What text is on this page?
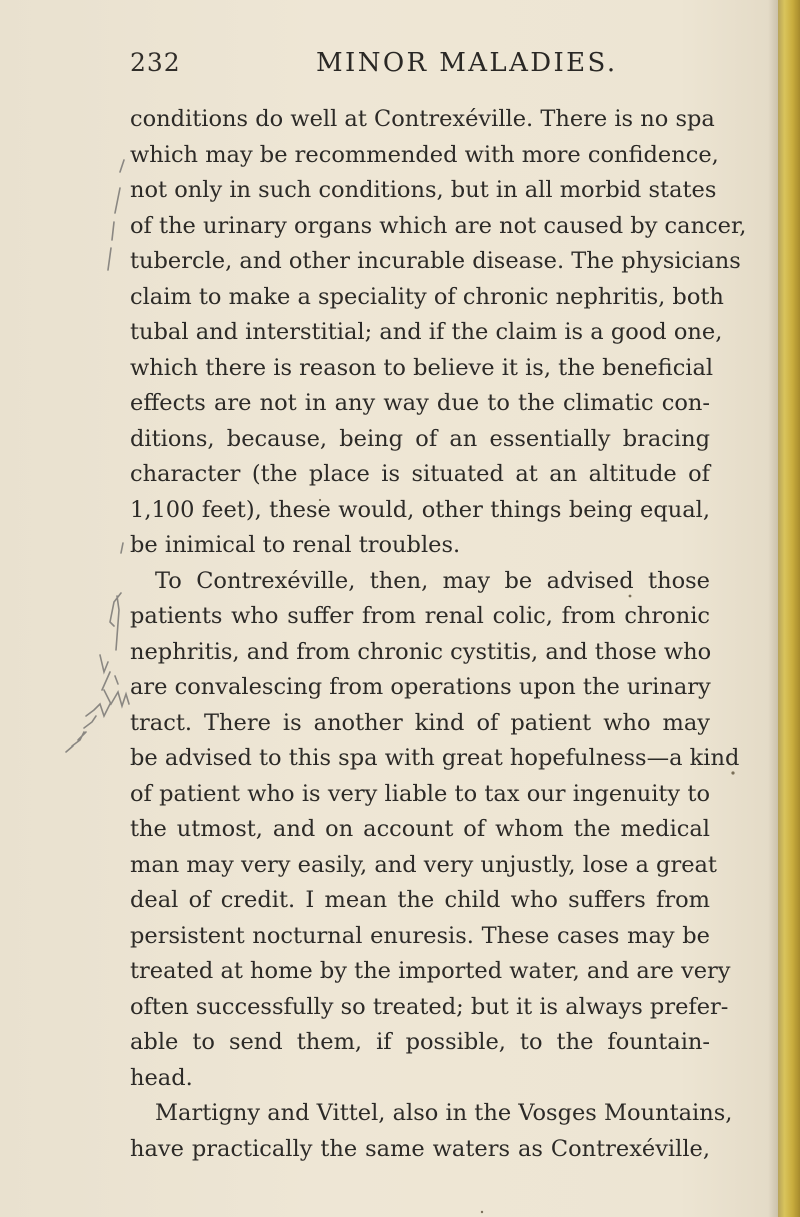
232	MINOR MALADIES.
conditions do well at Contrexéville. There is no spa
which may be recommended with more confidence,
not only in such conditions, but in all morbid states
of the urinary organs which are not caused by cancer,
tubercle, and other incurable disease. The physicians
claim to make a speciality of chronic nephritis, both
tubal and interstitial; and if the claim is a good one,
which there is reason to believe it is, the beneficial
effects are not in any way due to the climatic con-
ditions, because, being of an essentially bracing
character (the place is situated at an altitude of
1,100 feet), these would, other things being equal,
be inimical to renal troubles.
To Contrexéville, then, may be advised those
patients who suffer from renal colic, from chronic
nephritis, and from chronic cystitis, and those who
are convalescing from operations upon the urinary
tract. There is another kind of patient who may
be advised to this spa with great hopefulness—a kind
of patient who is very liable to tax our ingenuity to
the utmost, and on account of whom the medical
man may very easily, and very unjustly, lose a great
deal of credit. I mean the child who suffers from
persistent nocturnal enuresis. These cases may be
treated at home by the imported water, and are very
often successfully so treated; but it is always prefer-
able to send them, if possible, to the fountain-
head.
Martigny and Vittel, also in the Vosges Mountains,
have practically the same waters as Contrexéville,
